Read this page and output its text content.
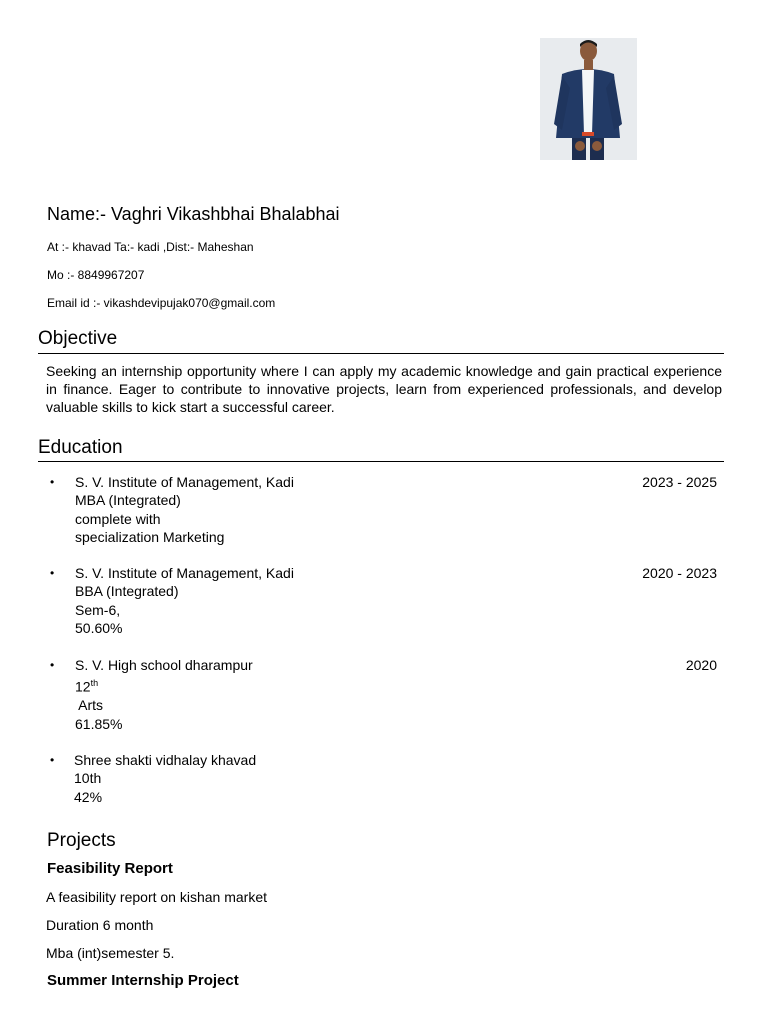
Name:- Vaghri Vikashbhai Bhalabhai
At :- khavad Ta:- kadi ,Dist:- Maheshan
Mo :- 8849967207
Email id :- vikashdevipujak070@gmail.com
Objective
Seeking an internship opportunity where I can apply my academic knowledge and gain practical experience in finance. Eager to contribute to innovative projects, learn from experienced professionals, and develop valuable skills to kick start a successful career.
Education
• S. V. Institute of Management, Kadi
MBA (Integrated)
complete with
specialization Marketing
2023 - 2025
• S. V. Institute of Management, Kadi
BBA (Integrated)
Sem-6,
50.60%
2020 - 2023
• S. V. High school dharampur
12th
Arts
61.85%
2020
• Shree shakti vidhalay khavad
10th
42%
Projects
Feasibility Report
A feasibility report on kishan market
Duration 6 month
Mba (int)semester 5.
Summer Internship Project
